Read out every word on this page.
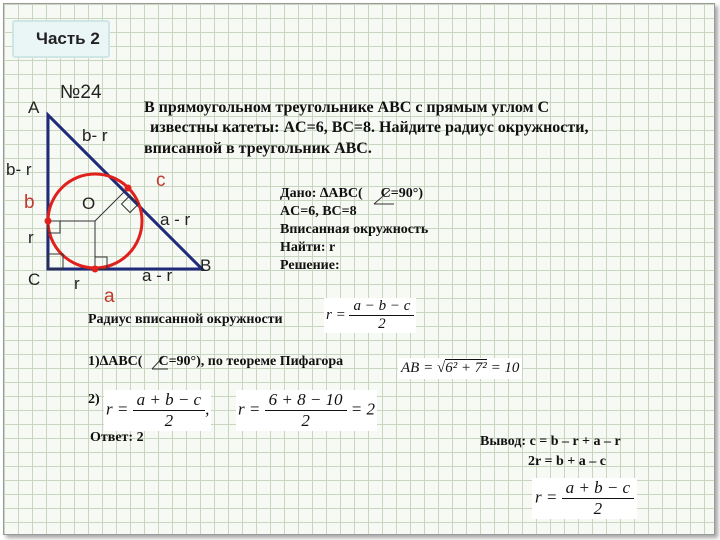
Часть 2
№24
В прямоугольном треугольнике ABC с прямым углом C
известны катеты: AC=6, BC=8. Найдите радиус окружности,
вписанной в треугольник ABC.
A
C
B
O
b- r
b- r
b
r
r
a
c
a - r
a - r
Дано: ∆ABC( C=90°)
AC=6, BC=8
Вписанная окружность
Найти: r
Решение:
Радиус вписанной окружности	$r = \frac{a - b - c}{2}$
1)∆ABC( C=90°), по теореме Пифагора	AB = √6² + 7² = 10
2) $r = \frac{a + b - c}{2}$ , $r = \frac{6 + 8 - 10}{2} = 2$
Ответ: 2	Вывод: c = b – r + a – r
2r = b + a – c
$r = \frac{a + b - c}{2}$
